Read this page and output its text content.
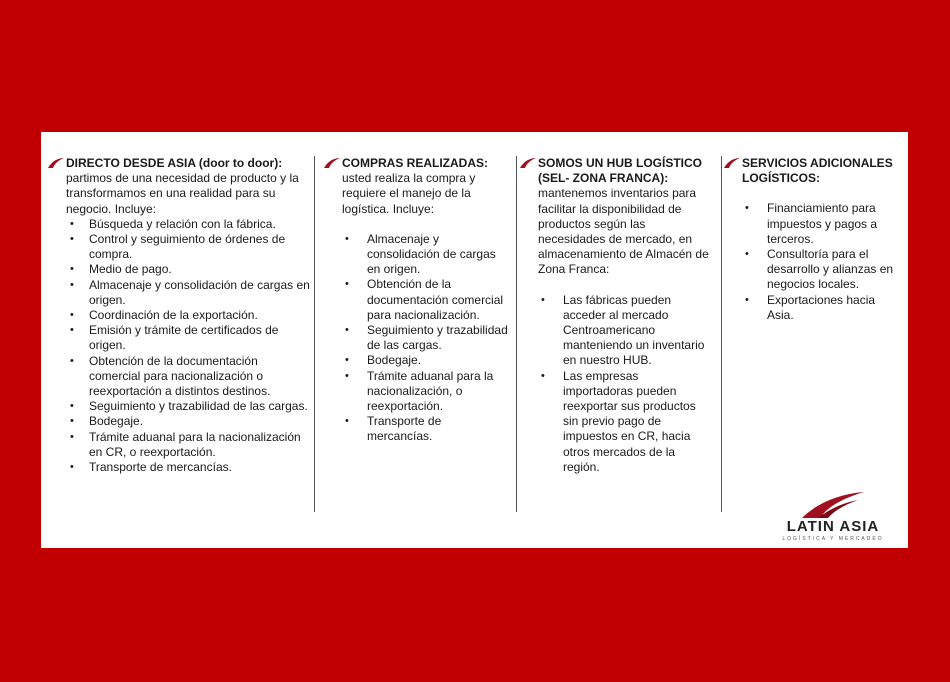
DIRECTO DESDE ASIA (door to door): partimos de una necesidad de producto y la transformamos en una realidad para su negocio. Incluye:

• Búsqueda y relación con la fábrica.
• Control y seguimiento de órdenes de compra.
• Medio de pago.
• Almacenaje y consolidación de cargas en origen.
• Coordinación de la exportación.
• Emisión y trámite de certificados de origen.
• Obtención de la documentación comercial para nacionalización o reexportación a distintos destinos.
• Seguimiento y trazabilidad de las cargas.
• Bodegaje.
• Trámite aduanal para la nacionalización en CR, o reexportación.
• Transporte de mercancías.

COMPRAS REALIZADAS:
usted realiza la compra y requiere el manejo de la logística. Incluye:

• Almacenaje y consolidación de cargas en origen.
• Obtención de la documentación comercial para nacionalización.
• Seguimiento y trazabilidad de las cargas.
• Bodegaje.
• Trámite aduanal para la nacionalización, o reexportación.
• Transporte de mercancías.

SOMOS UN HUB LOGÍSTICO (SEL- ZONA FRANCA): mantenemos inventarios para facilitar la disponibilidad de productos según las necesidades de mercado, en almacenamiento de Almacén de Zona Franca:

• Las fábricas pueden acceder al mercado Centroamericano manteniendo un inventario en nuestro HUB.
• Las empresas importadoras pueden reexportar sus productos sin previo pago de impuestos en CR, hacia otros mercados de la región.

SERVICIOS ADICIONALES LOGÍSTICOS:

• Financiamiento para impuestos y pagos a terceros.
• Consultoría para el desarrollo y alianzas en negocios locales.
• Exportaciones hacia Asia.
LATIN ASIA
LOGÍSTICA Y MERCADEO
